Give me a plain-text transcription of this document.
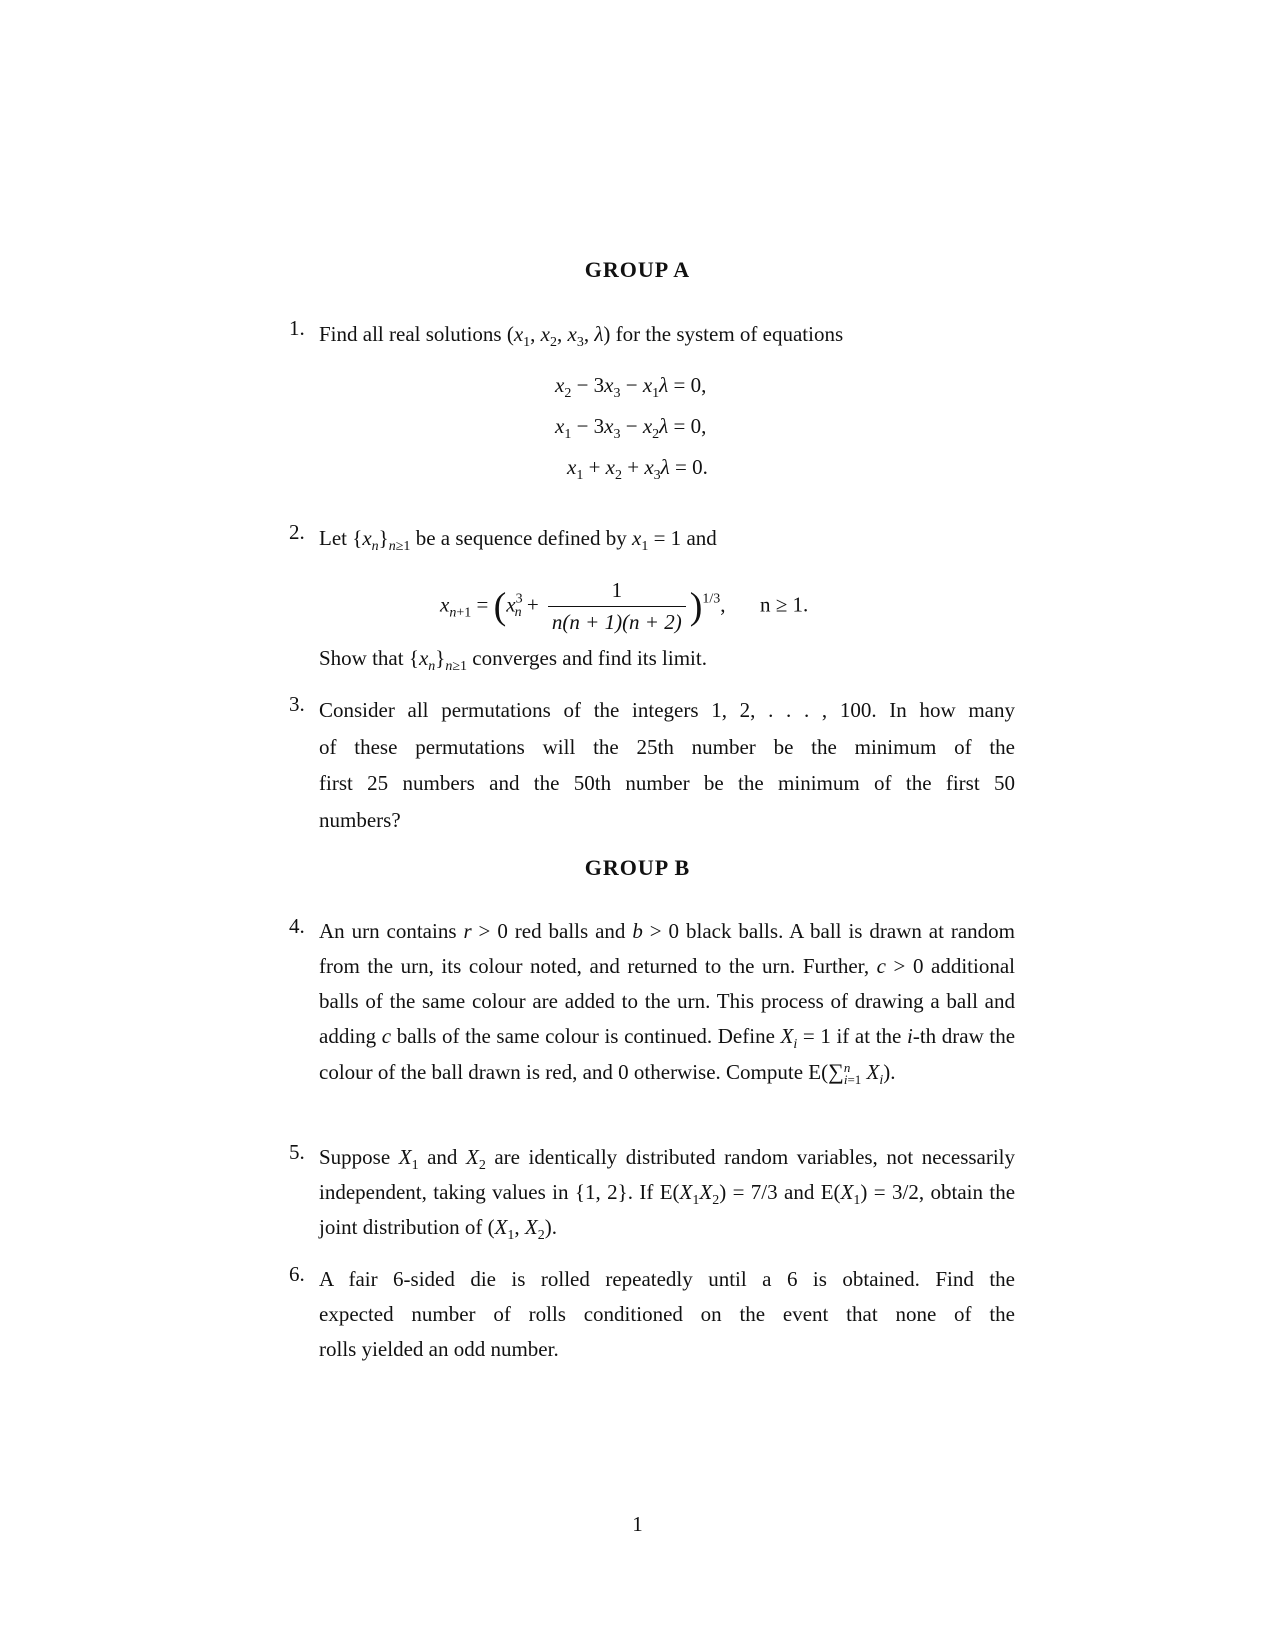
GROUP A
1. Find all real solutions ($x_1$, $x_2$, $x_3$, λ) for the system of equations
$x_2 - 3x_3 - x_1\lambda = 0$,
$x_1 - 3x_3 - x_2\lambda = 0$,
$x_1 + x_2 + x_3\lambda = 0$.
2. Let $\{x_n\}_{n\ge 1}$ be a sequence defined by $x_1 = 1$ and
$x_{n+1} = (x^3_n + \frac{1}{n(n + 1)(n + 2)} )^{1/3}$,  n ≥ 1.
Show that $\{x_n\}_{n\ge 1}$ converges and find its limit.
3. Consider all permutations of the integers 1, 2, . . . , 100. In how many
of these permutations will the 25th number be the minimum of the
first 25 numbers and the 50th number be the minimum of the first 50
numbers?
GROUP B
4. An urn contains r > 0 red balls and b > 0 black balls. A ball is drawn at random from the urn, its colour noted, and returned to the urn. Further, c > 0 additional balls of the same colour are added to the urn. This process of drawing a ball and adding c balls of the same colour is continued. Define $X_i = 1$ if at the i-th draw the colour of the ball drawn is red, and 0 otherwise. Compute E(∑n
i=1 $X_i$).
5. Suppose $X_1$ and $X_2$ are identically distributed random variables, not necessarily independent, taking values in {1, 2}. If $E(X_1X_2) = 7/3$ and $E(X_1) = 3/2$, obtain the joint distribution of ($X_1$, $X_2$).
6. A fair 6-sided die is rolled repeatedly until a 6 is obtained. Find the
expected number of rolls conditioned on the event that none of the
rolls yielded an odd number.
1
